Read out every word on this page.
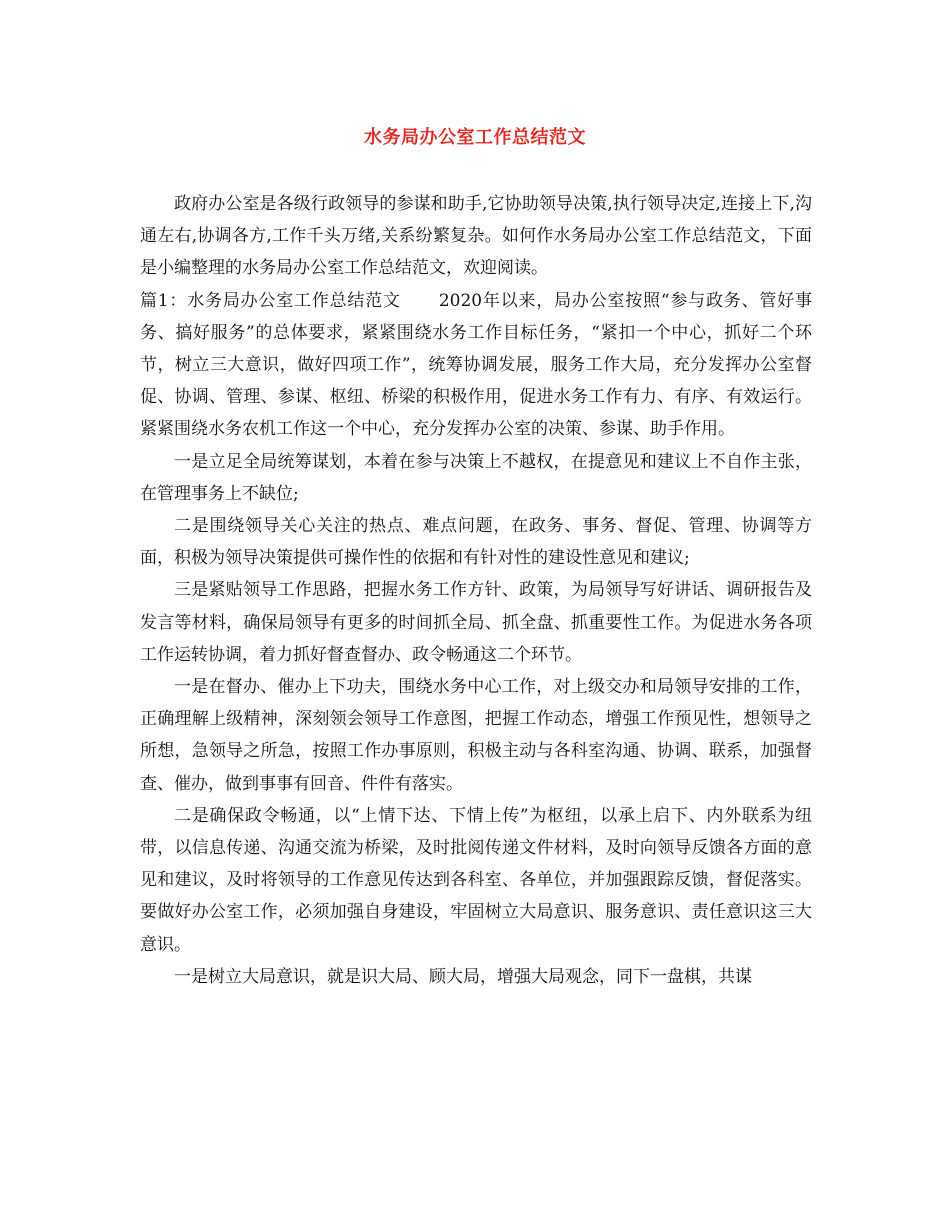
水务局办公室工作总结范文

政府办公室是各级行政领导的参谋和助手,它协助领导决策,执行领导决定,连接上下,沟通左右,协调各方,工作千头万绪,关系纷繁复杂。如何作水务局办公室工作总结范文，下面是小编整理的水务局办公室工作总结范文，欢迎阅读。

篇1：水务局办公室工作总结范文 2020年以来，局办公室按照“参与政务、管好事务、搞好服务”的总体要求，紧紧围绕水务工作目标任务，“紧扣一个中心，抓好二个环节，树立三大意识，做好四项工作”，统筹协调发展，服务工作大局，充分发挥办公室督促、协调、管理、参谋、枢纽、桥梁的积极作用，促进水务工作有力、有序、有效运行。紧紧围绕水务农机工作这一个中心，充分发挥办公室的决策、参谋、助手作用。

一是立足全局统筹谋划，本着在参与决策上不越权，在提意见和建议上不自作主张，在管理事务上不缺位;

二是围绕领导关心关注的热点、难点问题，在政务、事务、督促、管理、协调等方面，积极为领导决策提供可操作性的依据和有针对性的建设性意见和建议;

三是紧贴领导工作思路，把握水务工作方针、政策，为局领导写好讲话、调研报告及发言等材料，确保局领导有更多的时间抓全局、抓全盘、抓重要性工作。为促进水务各项工作运转协调，着力抓好督查督办、政令畅通这二个环节。

一是在督办、催办上下功夫，围绕水务中心工作，对上级交办和局领导安排的工作，正确理解上级精神，深刻领会领导工作意图，把握工作动态，增强工作预见性，想领导之所想，急领导之所急，按照工作办事原则，积极主动与各科室沟通、协调、联系，加强督查、催办，做到事事有回音、件件有落实。

二是确保政令畅通，以“上情下达、下情上传”为枢纽，以承上启下、内外联系为纽带，以信息传递、沟通交流为桥梁，及时批阅传递文件材料，及时向领导反馈各方面的意见和建议，及时将领导的工作意见传达到各科室、各单位，并加强跟踪反馈，督促落实。要做好办公室工作，必须加强自身建设，牢固树立大局意识、服务意识、责任意识这三大意识。

一是树立大局意识，就是识大局、顾大局，增强大局观念，同下一盘棋，共谋
